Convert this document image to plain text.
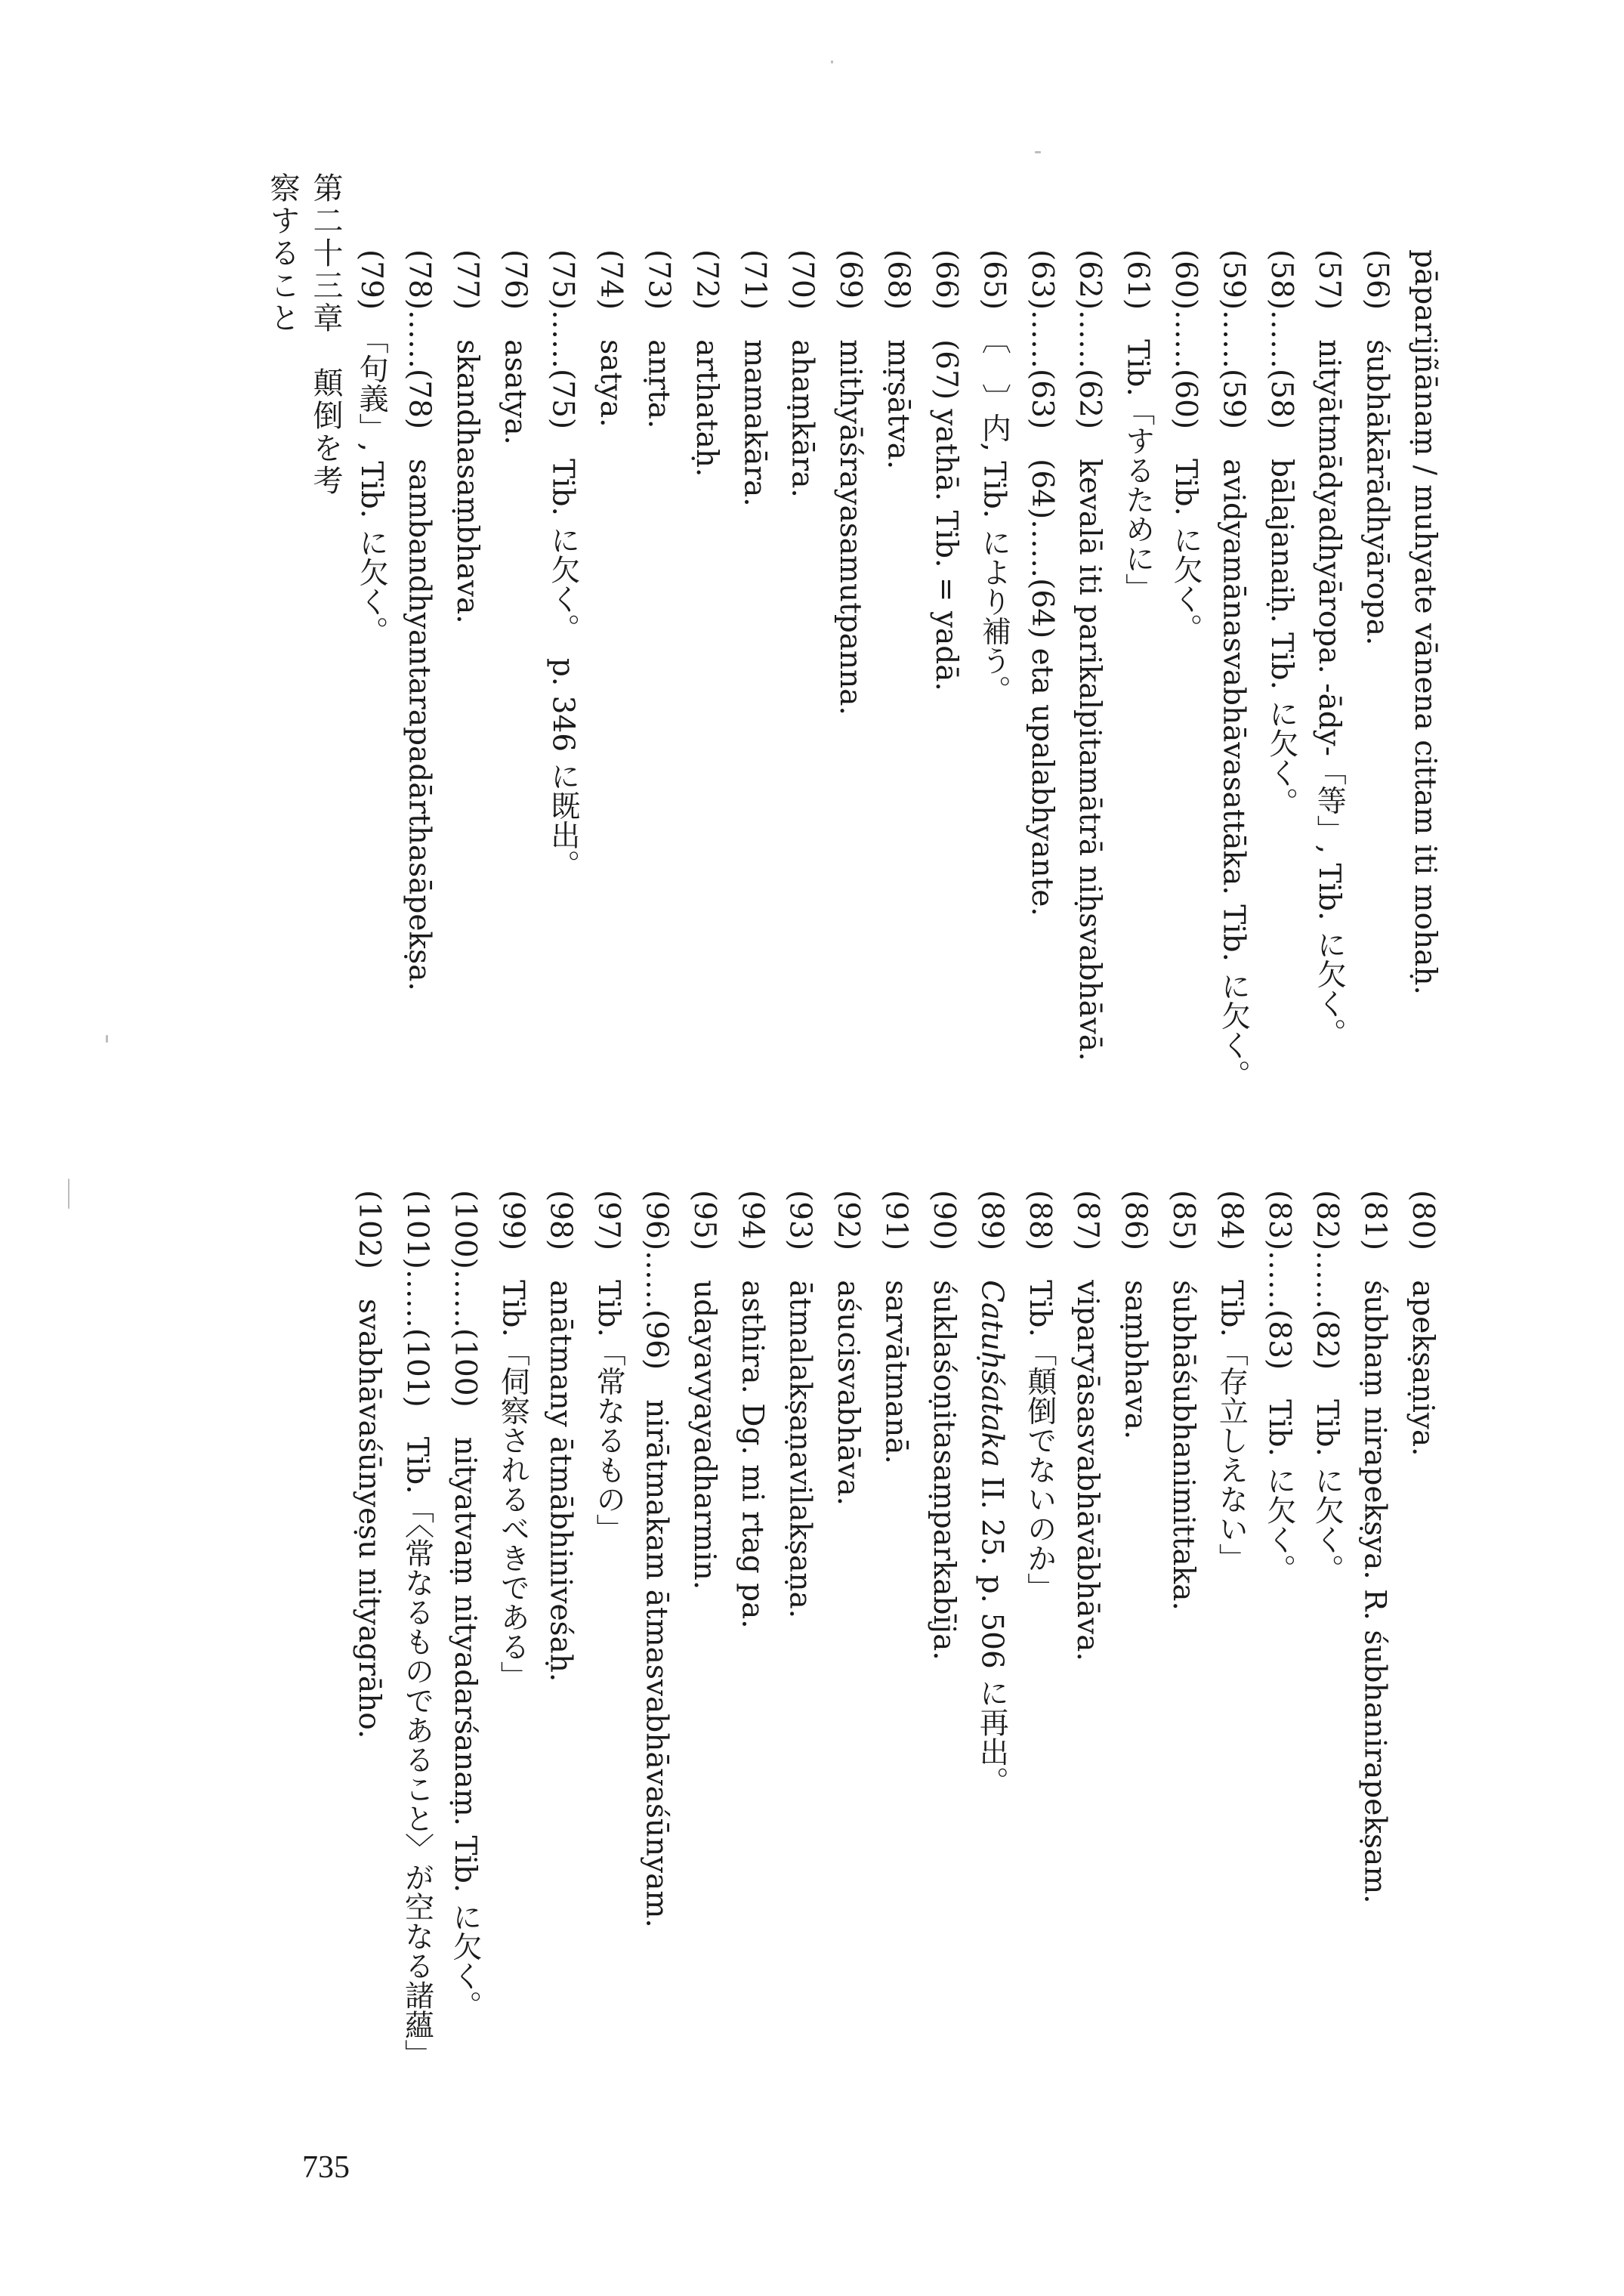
第二十三章　顛倒を考察すること	pāparijñānaṃ / muhyate vānena cittam iti mohaḥ.
(56)　śubhākārādhyāropa.
(57)　nityātmādyadhyāropa. -ādy-「等」, Tib. に欠く。
(58)……(58)　bālajanaiḥ. Tib. に欠く。
(59)……(59)　avidyamānasvabhāvasattāka. Tib. に欠く。
(60)……(60)　Tib. に欠く。
(61)　Tib.「するために」
(62)……(62)　kevalā iti parikalpitamātrā niḥsvabhāvā.
(63)……(63)　(64)……(64) eta upalabhyante.
(65)　〔　〕内, Tib. により補う。
(66)　(67) yathā. Tib. = yadā.
(68)　mṛṣātva.
(69)　mithyāśrayasamutpanna.
(70)　ahaṃkāra.
(71)　mamakāra.
(72)　arthataḥ.
(73)　anṛta.
(74)　satya.
(75)……(75)　Tib. に欠く。　p. 346 に既出。
(76)　asatya.
(77)　skandhasaṃbhava.
(78)……(78)　sambandhyantarapadārthasāpekṣa.
(79)　「句義」, Tib. に欠く。
(80)　apekṣaṇiya.
(81)　śubhaṃ nirapekṣya. R. śubhanirapekṣam.
(82)……(82)　Tib. に欠く。
(83)……(83)　Tib. に欠く。
(84)　Tib.「存立しえない」
(85)　śubhāśubhanimittaka.
(86)　saṃbhava.
(87)　viparyāsasvabhāvābhāva.
(88)　Tib.「顛倒でないのか」
(89)　Catuḥśataka II. 25. p. 506 に再出。
(90)　śuklaśoṇitasaṃparkabīja.
(91)　sarvātmanā.
(92)　aśucisvabhāva.
(93)　ātmalakṣaṇavilakṣaṇa.
(94)　asthira. Dg. mi rtag pa.
(95)　udayavyayadharmin.
(96)……(96)　nirātmakam ātmasvabhāvaśūnyam.
(97)　Tib.「常なるもの」
(98)　anātmany ātmābhiniveśaḥ.
(99)　Tib.「伺察されるべきである」
(100)……(100)　nityatvaṃ nityadarśanaṃ. Tib. に欠く。
(101)……(101)　Tib.「〈常なるものであること〉が空なる諸蘊」
(102)　svabhāvaśūnyeṣu nityagrāho.
735
